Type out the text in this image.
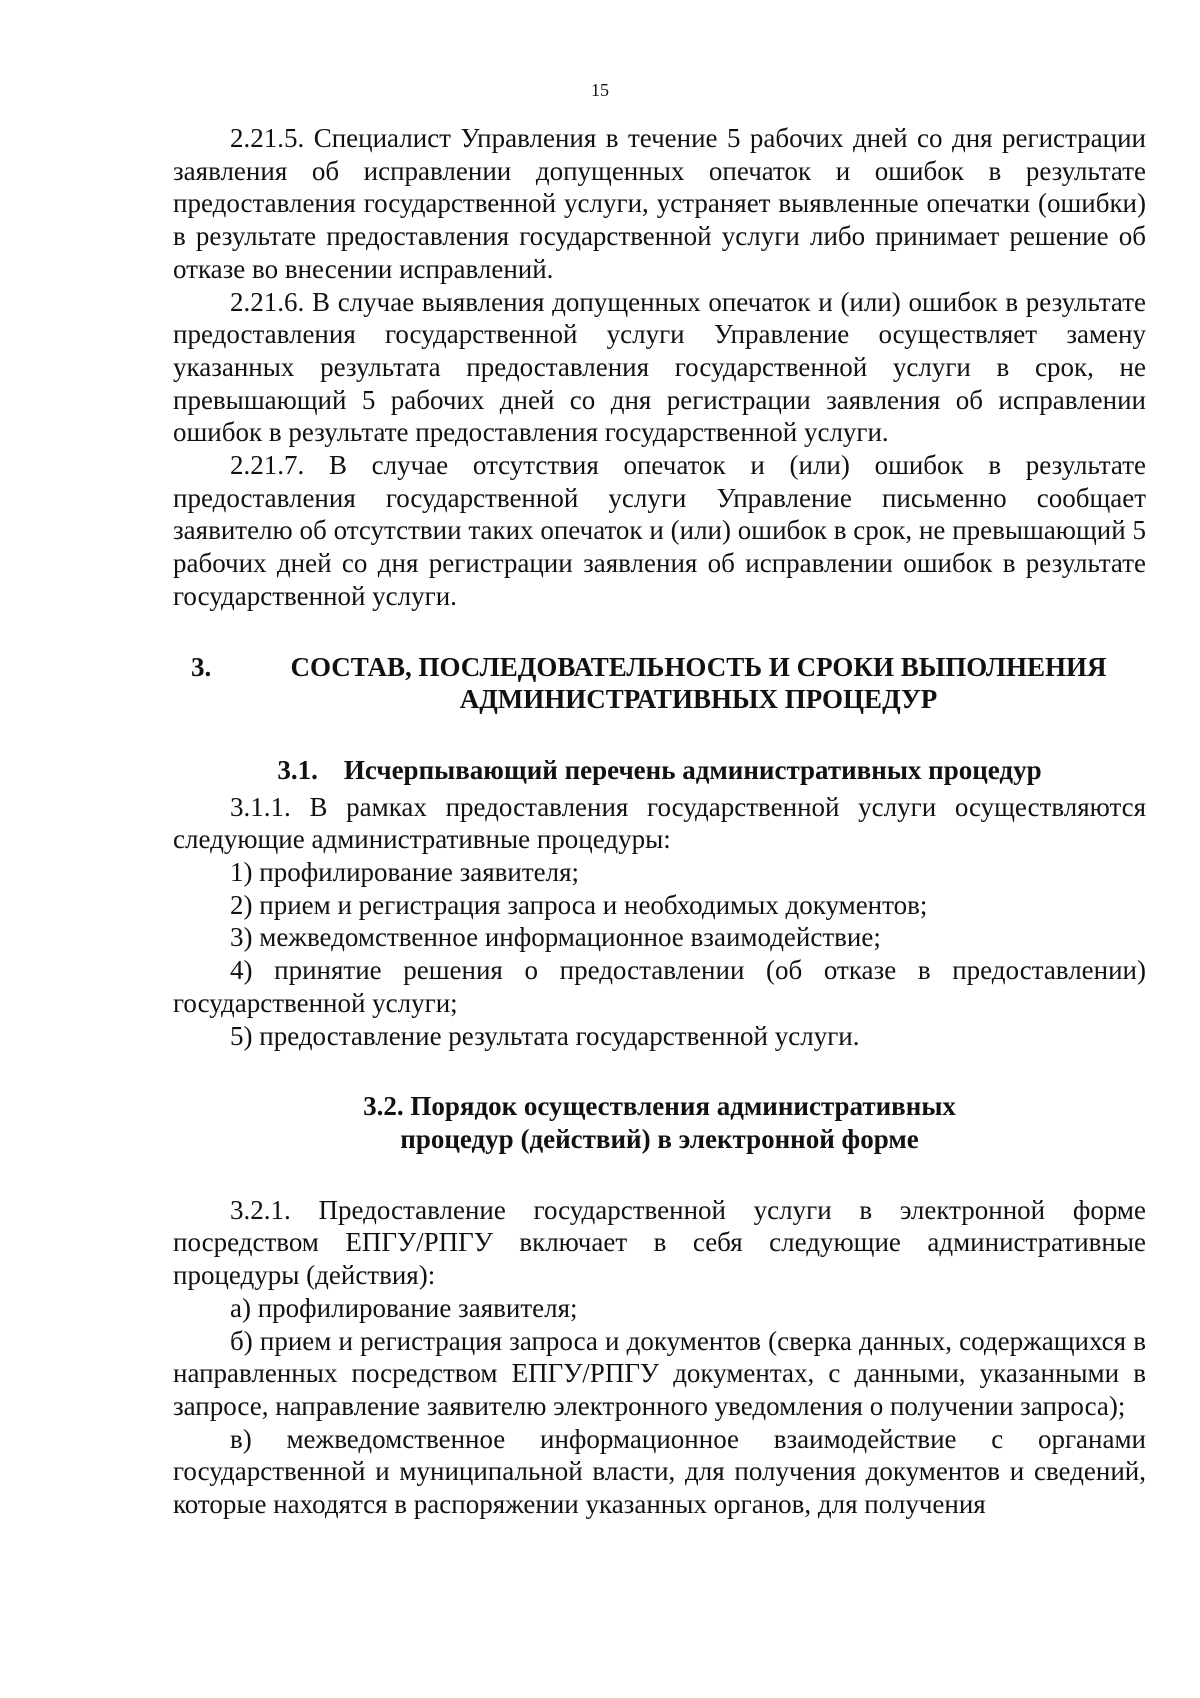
15

2.21.5. Специалист Управления в течение 5 рабочих дней со дня регистрации заявления об исправлении допущенных опечаток и ошибок в результате предоставления государственной услуги, устраняет выявленные опечатки (ошибки) в результате предоставления государственной услуги либо принимает решение об отказе во внесении исправлений.

2.21.6. В случае выявления допущенных опечаток и (или) ошибок в результате предоставления государственной услуги Управление осуществляет замену указанных результата предоставления государственной услуги в срок, не превышающий 5 рабочих дней со дня регистрации заявления об исправлении ошибок в результате предоставления государственной услуги.

2.21.7. В случае отсутствия опечаток и (или) ошибок в результате предоставления государственной услуги Управление письменно сообщает заявителю об отсутствии таких опечаток и (или) ошибок в срок, не превышающий 5 рабочих дней со дня регистрации заявления об исправлении ошибок в результате государственной услуги.

3.	СОСТАВ, ПОСЛЕДОВАТЕЛЬНОСТЬ И СРОКИ ВЫПОЛНЕНИЯ
АДМИНИСТРАТИВНЫХ ПРОЦЕДУР
3.1. Исчерпывающий перечень административных процедур

3.1.1. В рамках предоставления государственной услуги осуществляются следующие административные процедуры:

1) профилирование заявителя;

2) прием и регистрация запроса и необходимых документов;

3) межведомственное информационное взаимодействие;

4) принятие решения о предоставлении (об отказе в предоставлении) государственной услуги;

5) предоставление результата государственной услуги.

3.2. Порядок осуществления административных
процедур (действий) в электронной форме

3.2.1. Предоставление государственной услуги в электронной форме посредством ЕПГУ/РПГУ включает в себя следующие административные процедуры (действия):

а) профилирование заявителя;

б) прием и регистрация запроса и документов (сверка данных, содержащихся в направленных посредством ЕПГУ/РПГУ документах, с данными, указанными в запросе, направление заявителю электронного уведомления о получении запроса);

в) межведомственное информационное взаимодействие с органами государственной и муниципальной власти, для получения документов и сведений, которые находятся в распоряжении указанных органов, для получения
